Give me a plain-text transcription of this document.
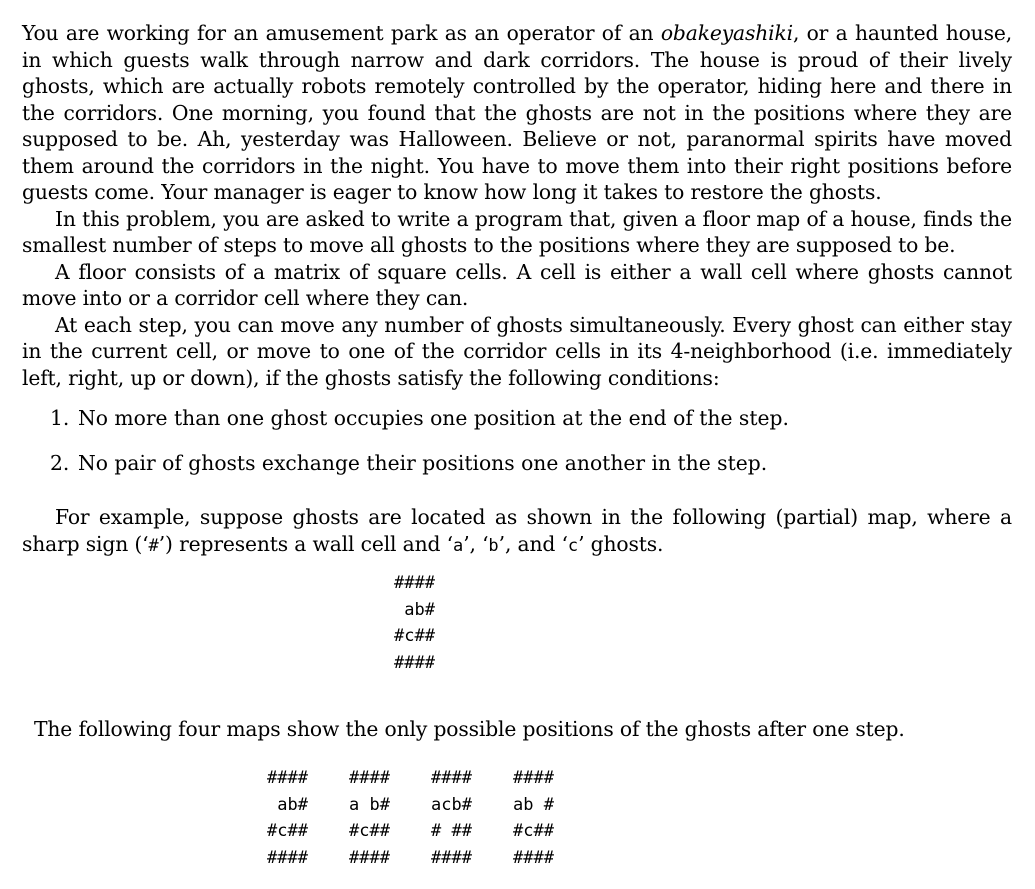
You are working for an amusement park as an operator of an obakeyashiki, or a haunted house, in which guests walk through narrow and dark corridors. The house is proud of their lively ghosts, which are actually robots remotely controlled by the operator, hiding here and there in the corridors. One morning, you found that the ghosts are not in the positions where they are supposed to be. Ah, yesterday was Halloween. Believe or not, paranormal spirits have moved them around the corridors in the night. You have to move them into their right positions before guests come. Your manager is eager to know how long it takes to restore the ghosts.

In this problem, you are asked to write a program that, given a floor map of a house, finds the smallest number of steps to move all ghosts to the positions where they are supposed to be.

A floor consists of a matrix of square cells. A cell is either a wall cell where ghosts cannot move into or a corridor cell where they can.

At each step, you can move any number of ghosts simultaneously. Every ghost can either stay in the current cell, or move to one of the corridor cells in its 4-neighborhood (i.e. immediately left, right, up or down), if the ghosts satisfy the following conditions:

1. No more than one ghost occupies one position at the end of the step.
2. No pair of ghosts exchange their positions one another in the step.

For example, suppose ghosts are located as shown in the following (partial) map, where a sharp sign (‘#’) represents a wall cell and ‘a’, ‘b’, and ‘c’ ghosts.

####
ab#
#c##
####

The following four maps show the only possible positions of the ghosts after one step.

####
ab#
#c##
####
####
a b#
#c##
####
####
acb#
# ##
####
####
ab #
#c##
####
